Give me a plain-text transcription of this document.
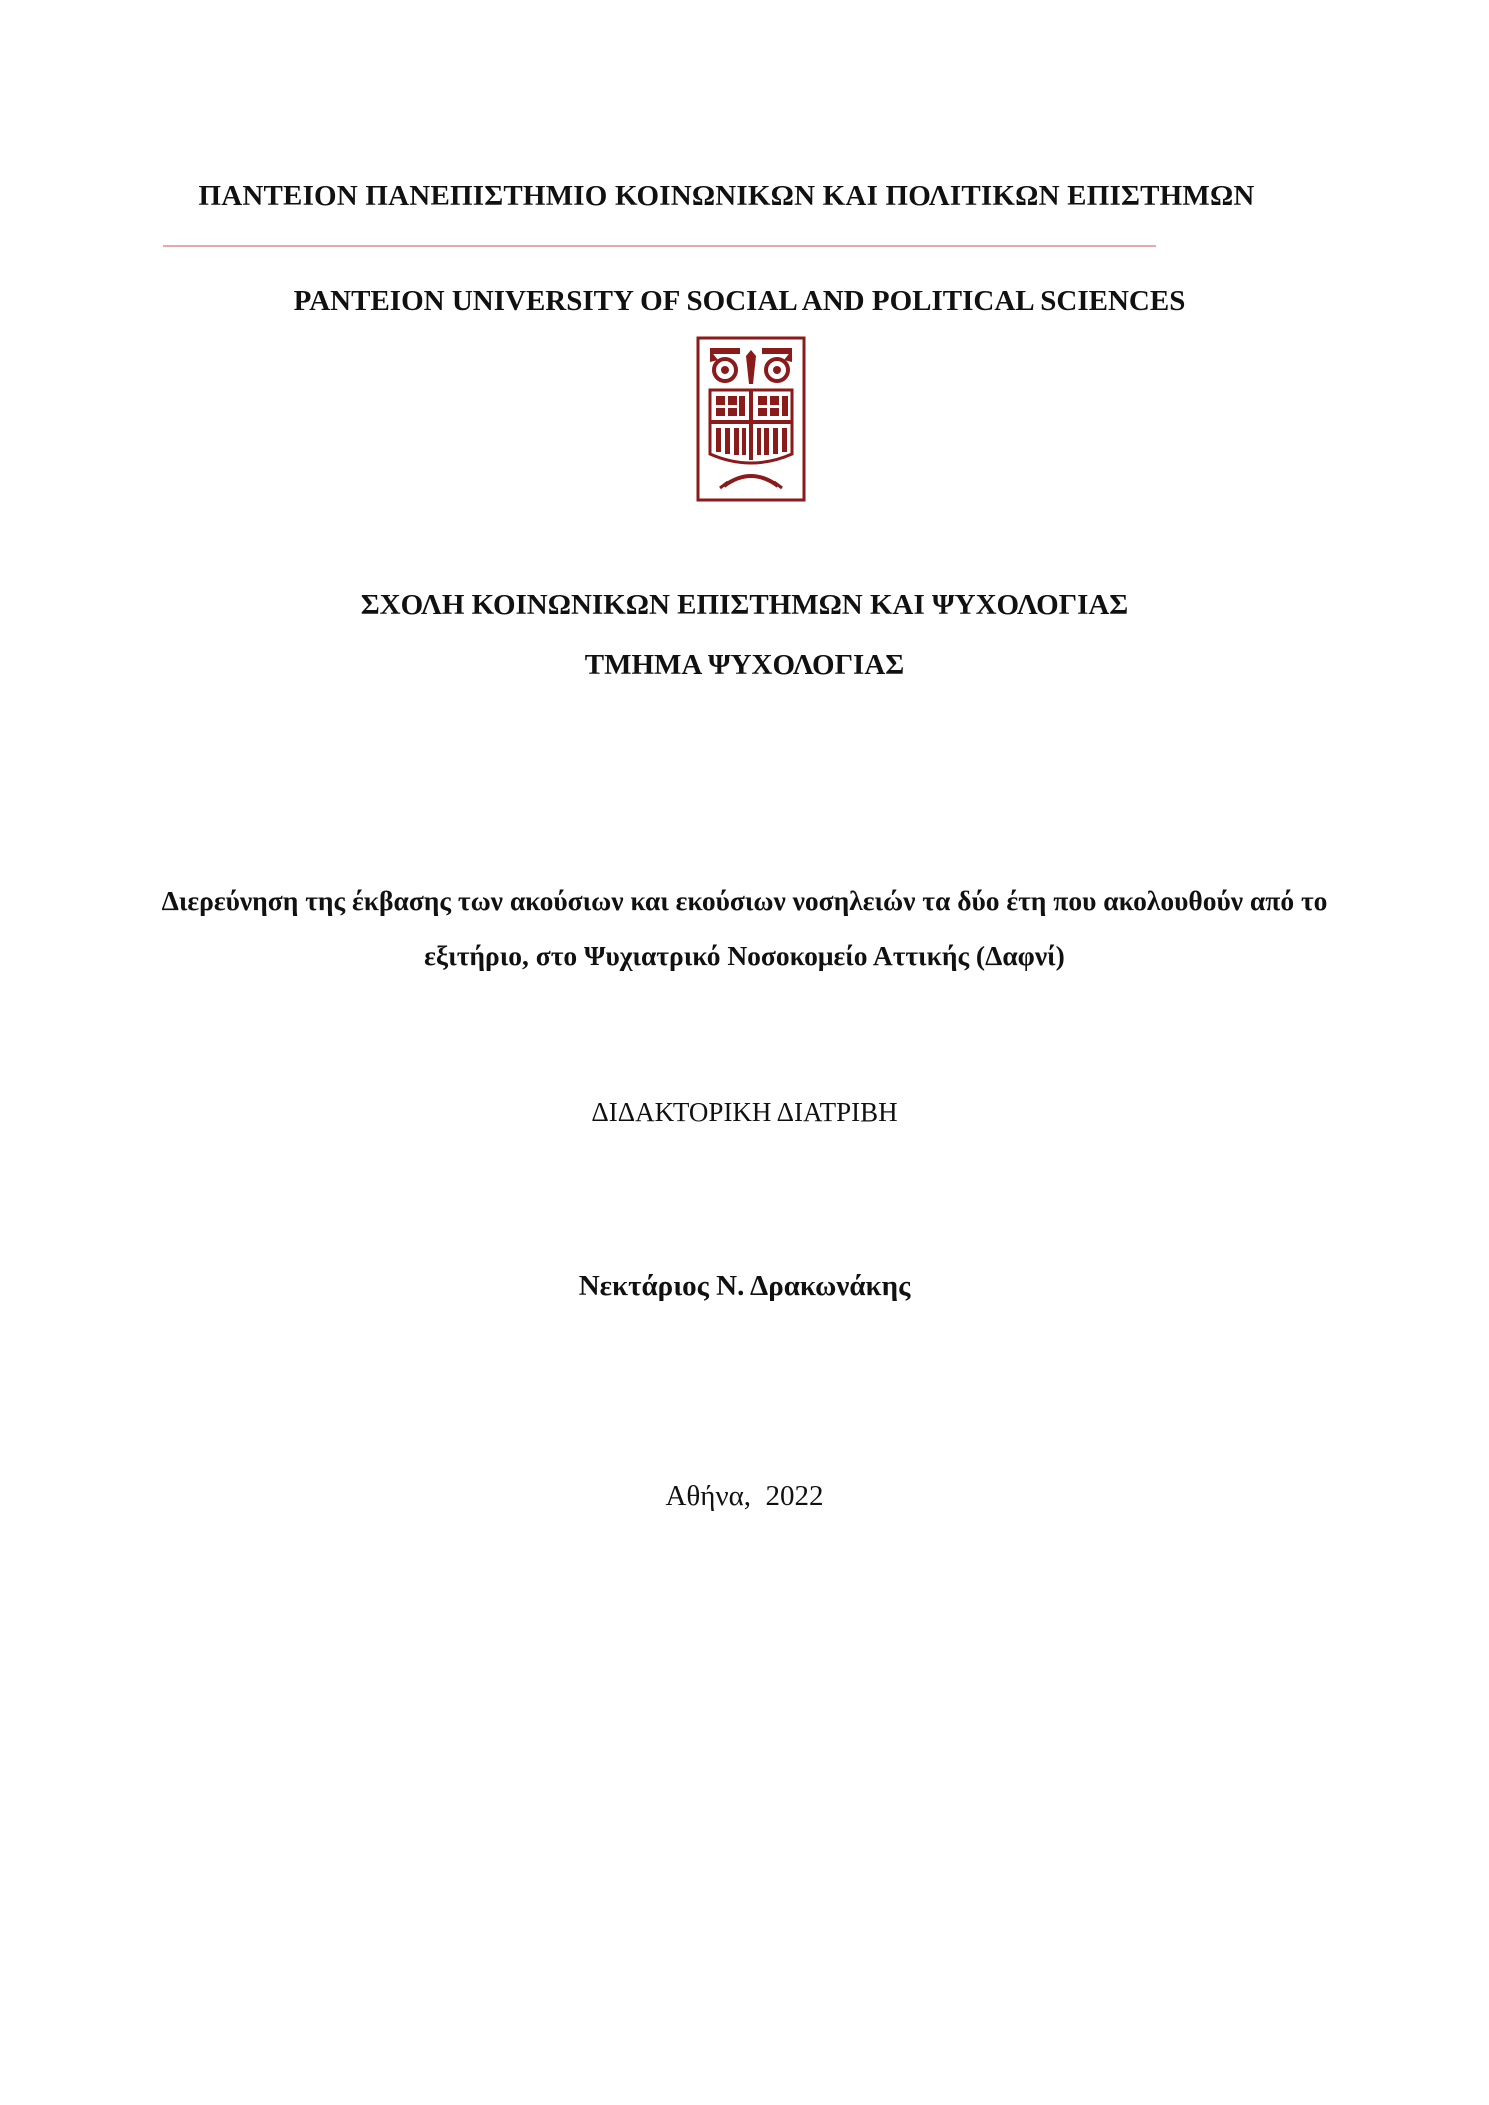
ΠΑΝΤΕΙΟΝ ΠΑΝΕΠΙΣΤΗΜΙΟ ΚΟΙΝΩΝΙΚΩΝ ΚΑΙ ΠΟΛΙΤΙΚΩΝ ΕΠΙΣΤΗΜΩΝ
PANTEION UNIVERSITY OF SOCIAL AND POLITICAL SCIENCES
ΣΧΟΛΗ ΚΟΙΝΩΝΙΚΩΝ ΕΠΙΣΤΗΜΩΝ ΚΑΙ ΨΥΧΟΛΟΓΙΑΣ
ΤΜΗΜΑ ΨΥΧΟΛΟΓΙΑΣ
Διερεύνηση της έκβασης των ακούσιων και εκούσιων νοσηλειών τα δύο έτη που ακολουθούν από το
εξιτήριο, στο Ψυχιατρικό Νοσοκομείο Αττικής (Δαφνί)
ΔΙΔΑΚΤΟΡΙΚΗ ΔΙΑΤΡΙΒΗ
Νεκτάριος Ν. Δρακωνάκης
Αθήνα,  2022
